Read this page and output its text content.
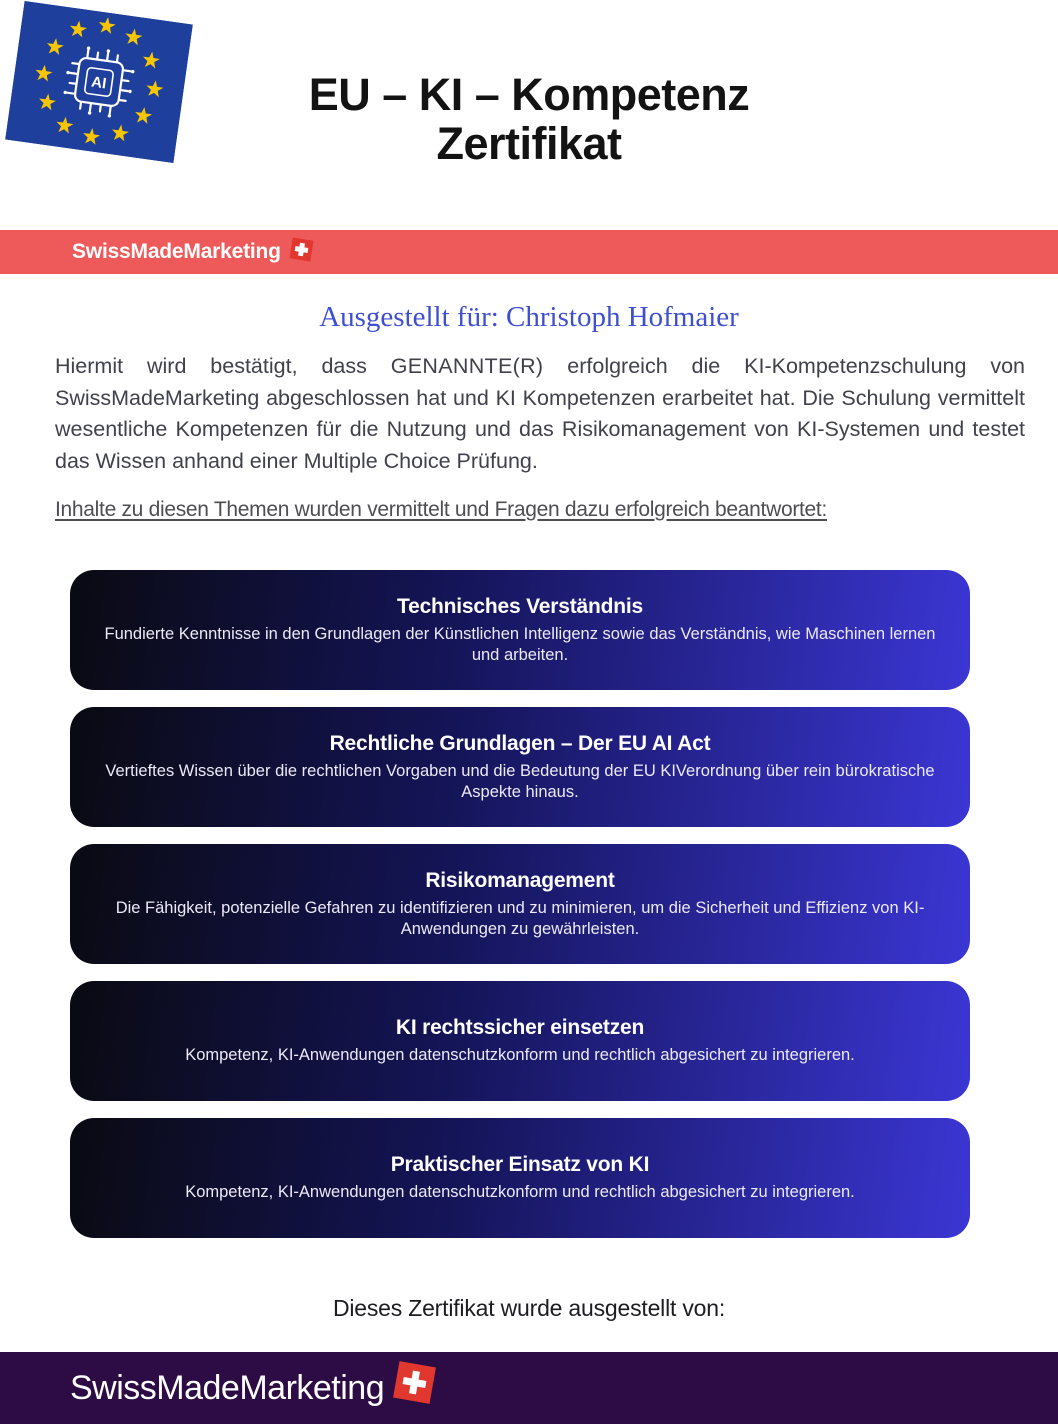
AI	EU – KI – Kompetenz
Zertifikat
SwissMadeMarketing
Ausgestellt für: Christoph Hofmaier

Hiermit wird bestätigt, dass GENANNTE(R) erfolgreich die KI-Kompetenzschulung von SwissMadeMarketing abgeschlossen hat und KI Kompetenzen erarbeitet hat. Die Schulung vermittelt wesentliche Kompetenzen für die Nutzung und das Risikomanagement von KI-Systemen und testet das Wissen anhand einer Multiple Choice Prüfung.

Inhalte zu diesen Themen wurden vermittelt und Fragen dazu erfolgreich beantwortet:
Technisches Verständnis
Fundierte Kenntnisse in den Grundlagen der Künstlichen Intelligenz sowie das Verständnis, wie Maschinen lernen und arbeiten.
Rechtliche Grundlagen – Der EU AI Act
Vertieftes Wissen über die rechtlichen Vorgaben und die Bedeutung der EU KIVerordnung über rein bürokratische Aspekte hinaus.
Risikomanagement
Die Fähigkeit, potenzielle Gefahren zu identifizieren und zu minimieren, um die Sicherheit und Effizienz von KI-Anwendungen zu gewährleisten.
KI rechtssicher einsetzen
Kompetenz, KI-Anwendungen datenschutzkonform und rechtlich abgesichert zu integrieren.
Praktischer Einsatz von KI
Kompetenz, KI-Anwendungen datenschutzkonform und rechtlich abgesichert zu integrieren.
Dieses Zertifikat wurde ausgestellt von:
SwissMadeMarketing
